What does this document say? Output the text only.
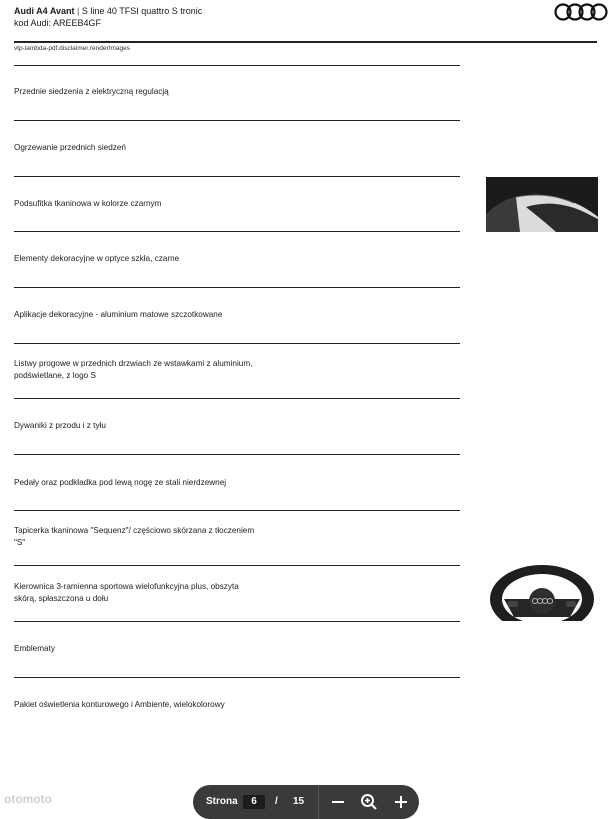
Audi A4 Avant | S line 40 TFSI quattro S tronic
kod Audi: AREEB4GF
vtp-lambda-pdf.disclaimer.renderImages
Przednie siedzenia z elektryczną regulacją
Ogrzewanie przednich siedzeń
Podsufitka tkaninowa w kolorze czarnym
Elementy dekoracyjne w optyce szkła, czarne
Aplikacje dekoracyjne - aluminium matowe szczotkowane
Listwy progowe w przednich drzwiach ze wstawkami z aluminium,
podświetlane, z logo S
Dywaniki z przodu i z tyłu
Pedały oraz podkładka pod lewą nogę ze stali nierdzewnej
Tapicerka tkaninowa "Sequenz"/ częściowo skórzana z tłoczeniem
"S"
Kierownica 3-ramienna sportowa wielofunkcyjna plus, obszyta
skórą, spłaszczona u dołu
Emblematy
Pakiet oświetlenia konturowego i Ambiente, wielokolorowy
Strona	6	/ 15
otomoto
